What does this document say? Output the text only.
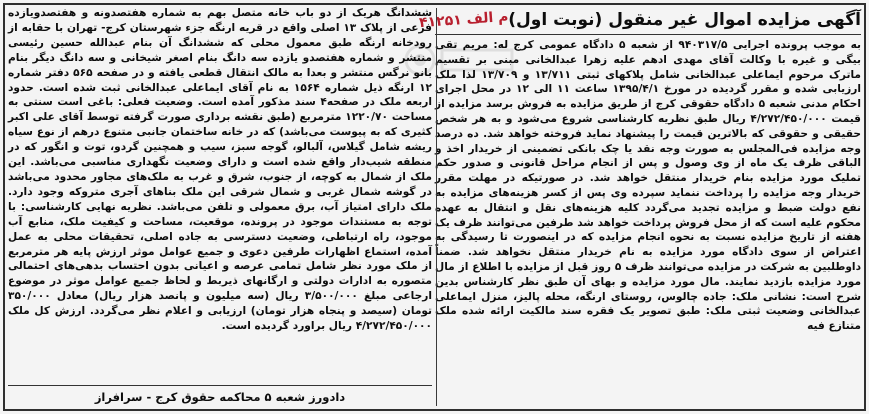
آگهی مزایده اموال غیر منقول (نوبت اول)
م الف ۴۱۲۵۱
به موجب پرونده اجرایی ۹۴۰۳۱۷/۵ از شعبه ۵ دادگاه عمومی کرج له: مریم تقی بیگی و غیره با وکالت آقای مهدی ادهم علیه زهرا عبدالخانی مبنی بر تقسیم ماترک مرحوم ایماعلی عبدالخانی شامل پلاکهای ثبتی ۱۳/۷۱۱ و ۱۳/۷۰۹ لذا ملک ارزیابی شده و مقرر گردیده در مورخ ۱۳۹۵/۴/۱ ساعت ۱۱ الی ۱۲ در محل اجرای احکام مدنی شعبه ۵ دادگاه حقوقی کرج از طریق مزایده به فروش برسد مزایده از قیمت ۴/۲۷۲/۴۵۰/۰۰۰ ریال طبق نظریه کارشناسی شروع می‌شود و به هر شخص حقیقی و حقوقی که بالاترین قیمت را پیشنهاد نماید فروخته خواهد شد. ده درصد وجه مزایده فی‌المجلس به صورت وجه نقد یا چک بانکی تضمینی از خریدار اخذ و الباقی ظرف یک ماه از وی وصول و پس از انجام مراحل قانونی و صدور حکم تملیک مورد مزایده بنام خریدار منتقل خواهد شد. در صورتیکه در مهلت مقرر خریدار وجه مزایده را پرداخت ننماید سپرده وی پس از کسر هزینه‌های مزایده به نفع دولت ضبط و مزایده تجدید می‌گردد کلیه هزینه‌های نقل و انتقال به عهده محکوم علیه است که از محل فروش پرداخت خواهد شد طرفین می‌توانند ظرف یک هفته از تاریخ مزایده نسبت به نحوه انجام مزایده که در اینصورت تا رسیدگی به اعتراض از سوی دادگاه مورد مزایده به نام خریدار منتقل نخواهد شد. ضمناً داوطلبین به شرکت در مزایده می‌توانند ظرف ۵ روز قبل از مزایده با اطلاع از مال مورد مزایده بازدید نمایند. مال مورد مزایده و بهای آن طبق نظر کارشناس بدین شرح است: نشانی ملک: جاده چالوس، روستای ارنگه، محله پالیز، منزل ایماعلی عبدالخانی وضعیت ثبتی ملک: طبق تصویر یک فقره سند مالکیت ارائه شده ملک متنازع فیه
ششدانگ هریک از دو باب خانه متصل بهم به شماره هفتصدونه و هفتصدویازده فرعی از پلاک ۱۳ اصلی واقع در قریه ارنگه جزء شهرستان کرج- تهران با حقابه از رودخانه ارنگه طبق معمول محلی که ششدانگ آن بنام عبدالله حسین رئیسی منتشر و شماره هفتصدو یازده سه دانگ بنام اصغر شیخانی و سه دانگ دیگر بنام بانو نرگس منتشر و بعدا به مالک انتقال قطعی یافته و در صفحه ۵۶۵ دفتر شماره ۱۲ ارنگه ذیل شماره ۱۵۶۴ به نام آقای ایماعلی عبدالخانی ثبت شده است. حدود اربعه ملک در صفحه۴ سند مذکور آمده است. وضعیت فعلی: باغی است سنتی به مساحت ۱۲۲۰/۷۰ مترمربع (طبق نقشه برداری صورت گرفته توسط آقای علی اکبر کثیری که به پیوست می‌باشد) که در خانه ساختمان جانبی متنوع درهم از نوع سیاه ریشه شامل گیلاس، آلبالو، گوجه سبز، سیب و همچنین گردو، توت و انگور که در منطقه شیب‌دار واقع شده است و دارای وضعیت نگهداری مناسبی می‌باشد. این ملک از شمال به کوچه، از جنوب، شرق و غرب به ملک‌های مجاور محدود می‌باشد در گوشه شمال غربی و شمال شرقی این ملک بناهای آجری متروکه وجود دارد. ملک دارای امتیاز آب، برق معمولی و تلفن می‌باشد. نظریه نهایی کارشناسی: با توجه به مستندات موجود در پرونده، موقعیت، مساحت و کیفیت ملک، منابع آب موجود، راه ارتباطی، وضعیت دسترسی به جاده اصلی، تحقیقات محلی به عمل آمده، استماع اظهارات طرفین دعوی و جمیع عوامل موثر ارزش پایه هر مترمربع از ملک مورد نظر شامل تمامی عرصه و اعیانی بدون احتساب بدهی‌های احتمالی متصوره به ادارات دولتی و ارگانهای ذیربط و لحاظ جمیع عوامل موثر در موضوع ارجاعی مبلغ ۳/۵۰۰/۰۰۰ ریال (سه میلیون و پانصد هزار ریال) معادل ۳۵۰/۰۰۰ تومان (سیصد و پنجاه هزار تومان) ارزیابی و اعلام نظر می‌گردد. ارزش کل ملک ۴/۲۷۲/۴۵۰/۰۰۰ ریال براورد گردیده است.
دادورز شعبه ۵ محاکمه حقوق کرج - سرافراز
